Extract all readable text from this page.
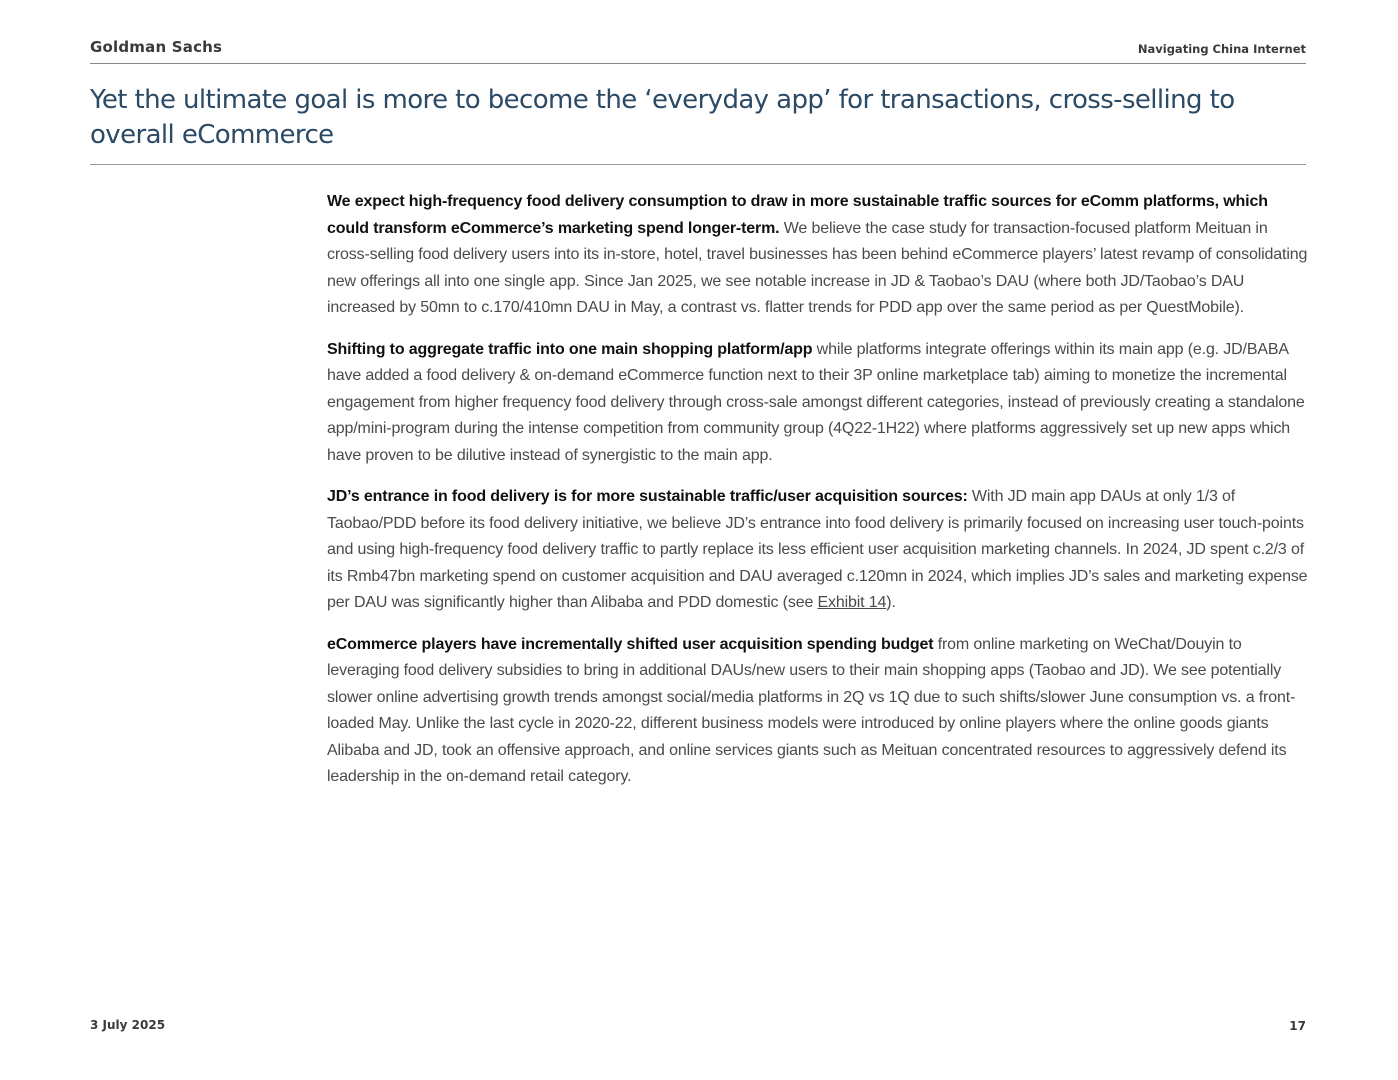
Goldman Sachs	Navigating China Internet
Yet the ultimate goal is more to become the ‘everyday app’ for transactions, cross-selling to overall eCommerce

We expect high-frequency food delivery consumption to draw in more sustainable traffic sources for eComm platforms, which could transform eCommerce’s marketing spend longer-term. We believe the case study for transaction-focused platform Meituan in cross-selling food delivery users into its in-store, hotel, travel businesses has been behind eCommerce players’ latest revamp of consolidating new offerings all into one single app. Since Jan 2025, we see notable increase in JD & Taobao’s DAU (where both JD/Taobao’s DAU increased by 50mn to c.170/410mn DAU in May, a contrast vs. flatter trends for PDD app over the same period as per QuestMobile).

Shifting to aggregate traffic into one main shopping platform/app while platforms integrate offerings within its main app (e.g. JD/BABA have added a food delivery & on-demand eCommerce function next to their 3P online marketplace tab) aiming to monetize the incremental engagement from higher frequency food delivery through cross-sale amongst different categories, instead of previously creating a standalone app/mini-program during the intense competition from community group (4Q22-1H22) where platforms aggressively set up new apps which have proven to be dilutive instead of synergistic to the main app.

JD’s entrance in food delivery is for more sustainable traffic/user acquisition sources: With JD main app DAUs at only 1/3 of Taobao/PDD before its food delivery initiative, we believe JD’s entrance into food delivery is primarily focused on increasing user touch-points and using high-frequency food delivery traffic to partly replace its less efficient user acquisition marketing channels. In 2024, JD spent c.2/3 of its Rmb47bn marketing spend on customer acquisition and DAU averaged c.120mn in 2024, which implies JD’s sales and marketing expense per DAU was significantly higher than Alibaba and PDD domestic (see Exhibit 14).

eCommerce players have incrementally shifted user acquisition spending budget from online marketing on WeChat/Douyin to leveraging food delivery subsidies to bring in additional DAUs/new users to their main shopping apps (Taobao and JD). We see potentially slower online advertising growth trends amongst social/media platforms in 2Q vs 1Q due to such shifts/slower June consumption vs. a front-loaded May. Unlike the last cycle in 2020-22, different business models were introduced by online players where the online goods giants Alibaba and JD, took an offensive approach, and online services giants such as Meituan concentrated resources to aggressively defend its leadership in the on-demand retail category.

3 July 2025	17
